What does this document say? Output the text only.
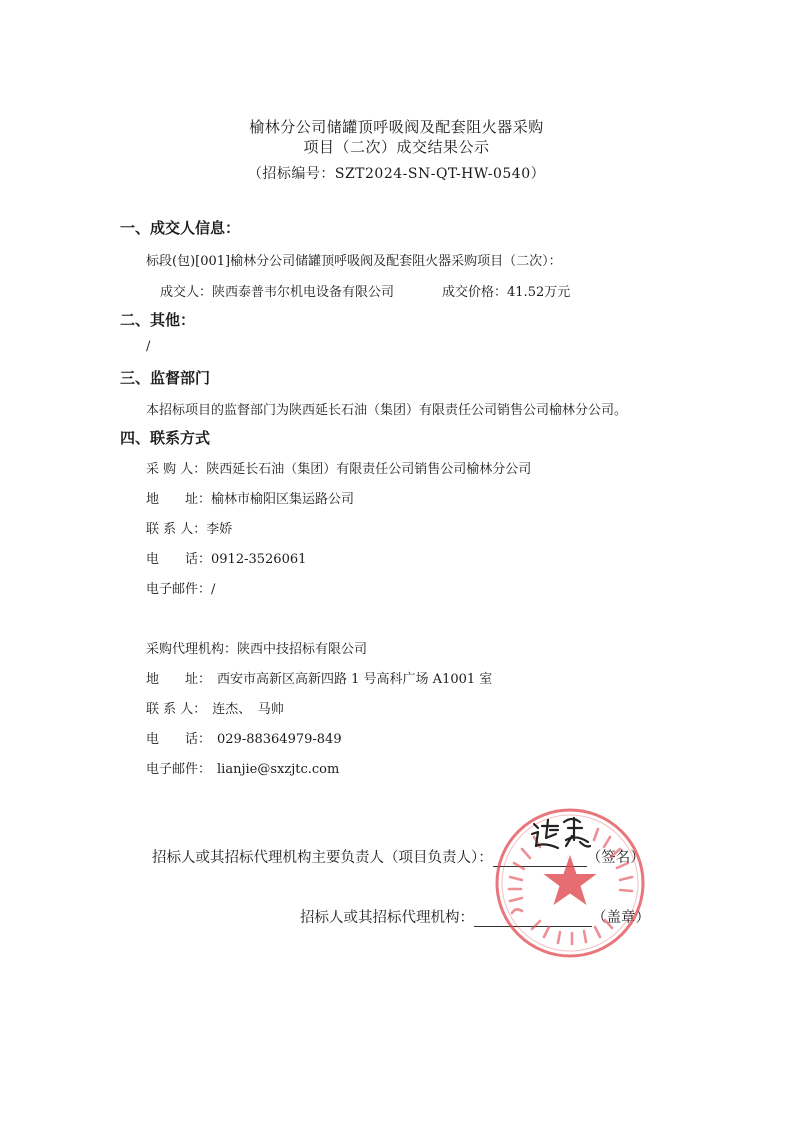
榆林分公司储罐顶呼吸阀及配套阻火器采购
项目（二次）成交结果公示
（招标编号：SZT2024-SN-QT-HW-0540）
一、成交人信息：
标段(包)[001]榆林分公司储罐顶呼吸阀及配套阻火器采购项目（二次）：
成交人：陕西泰普韦尔机电设备有限公司	成交价格：41.52万元
二、其他：
/
三、监督部门
本招标项目的监督部门为陕西延长石油（集团）有限责任公司销售公司榆林分公司。
四、联系方式
采 购 人：陕西延长石油（集团）有限责任公司销售公司榆林分公司
地　　址：榆林市榆阳区集运路公司
联 系 人：李娇
电　　话：0912-3526061
电子邮件：/
采购代理机构：陕西中技招标有限公司
地　　址： 西安市高新区高新四路 1 号高科广场 A1001 室
联 系 人： 连杰、　马帅
电　　话： 029-88364979-849
电子邮件： lianjie@sxzjtc.com
招标人或其招标代理机构主要负责人（项目负责人）：	（签名）
招标人或其招标代理机构：	（盖章）
